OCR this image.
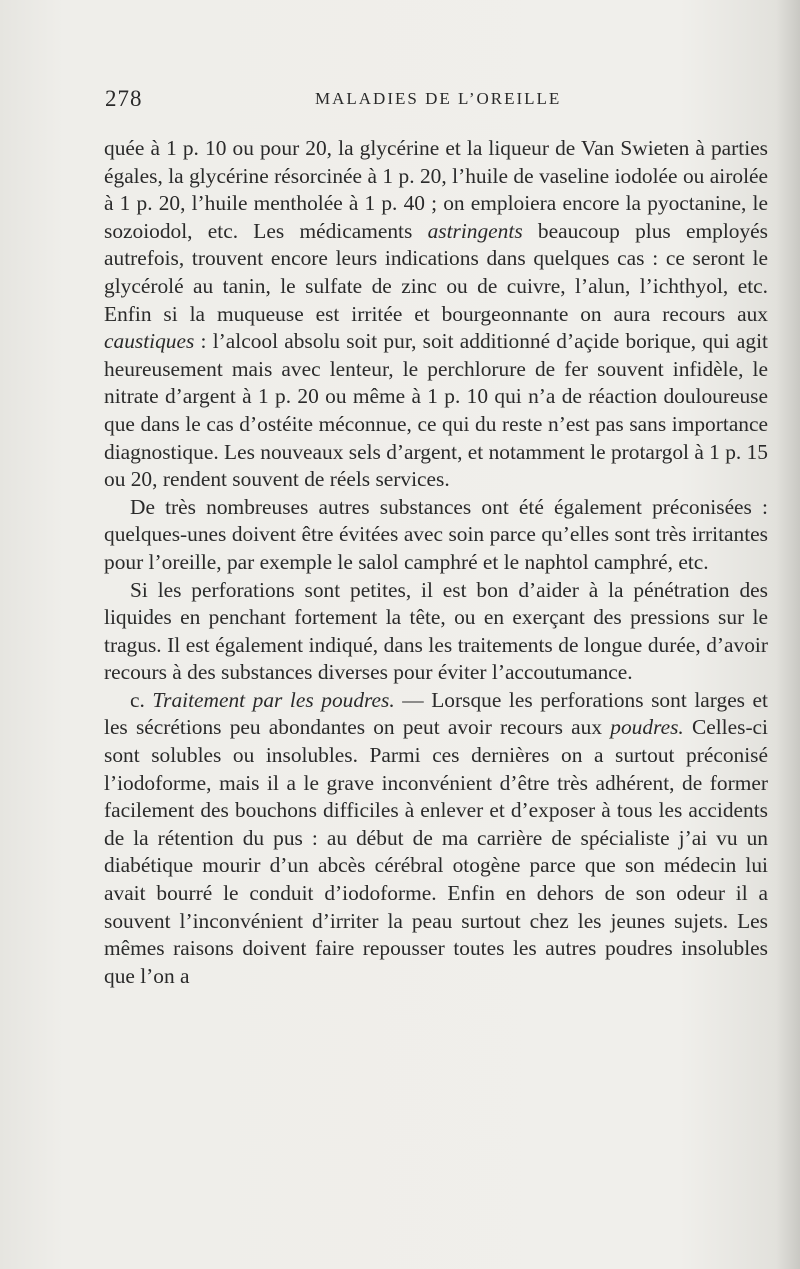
278	MALADIES DE L’OREILLE

quée à 1 p. 10 ou pour 20, la glycérine et la liqueur de Van Swieten à parties égales, la glycérine résorcinée à 1 p. 20, l’huile de vaseline iodolée ou airolée à 1 p. 20, l’huile mentholée à 1 p. 40 ; on emploiera encore la pyoctanine, le sozoiodol, etc. Les médicaments astringents beaucoup plus employés autrefois, trouvent encore leurs indications dans quelques cas : ce seront le glycérolé au tanin, le sulfate de zinc ou de cuivre, l’alun, l’ichthyol, etc. Enfin si la muqueuse est irritée et bourgeonnante on aura recours aux caustiques : l’alcool absolu soit pur, soit additionné d’açide borique, qui agit heureusement mais avec lenteur, le perchlorure de fer souvent infidèle, le nitrate d’argent à 1 p. 20 ou même à 1 p. 10 qui n’a de réaction douloureuse que dans le cas d’ostéite méconnue, ce qui du reste n’est pas sans importance diagnostique. Les nouveaux sels d’argent, et notamment le protargol à 1 p. 15 ou 20, rendent souvent de réels services.

De très nombreuses autres substances ont été également préconisées : quelques-unes doivent être évitées avec soin parce qu’elles sont très irritantes pour l’oreille, par exemple le salol camphré et le naphtol camphré, etc.

Si les perforations sont petites, il est bon d’aider à la pénétration des liquides en penchant fortement la tête, ou en exerçant des pressions sur le tragus. Il est également indiqué, dans les traitements de longue durée, d’avoir recours à des substances diverses pour éviter l’accoutumance.

c. Traitement par les poudres. — Lorsque les perforations sont larges et les sécrétions peu abondantes on peut avoir recours aux poudres. Celles-ci sont solubles ou insolubles. Parmi ces dernières on a surtout préconisé l’iodoforme, mais il a le grave inconvénient d’être très adhérent, de former facilement des bouchons difficiles à enlever et d’exposer à tous les accidents de la rétention du pus : au début de ma carrière de spécialiste j’ai vu un diabétique mourir d’un abcès cérébral otogène parce que son médecin lui avait bourré le conduit d’iodoforme. Enfin en dehors de son odeur il a souvent l’inconvénient d’irriter la peau surtout chez les jeunes sujets. Les mêmes raisons doivent faire repousser toutes les autres poudres insolubles que l’on a
